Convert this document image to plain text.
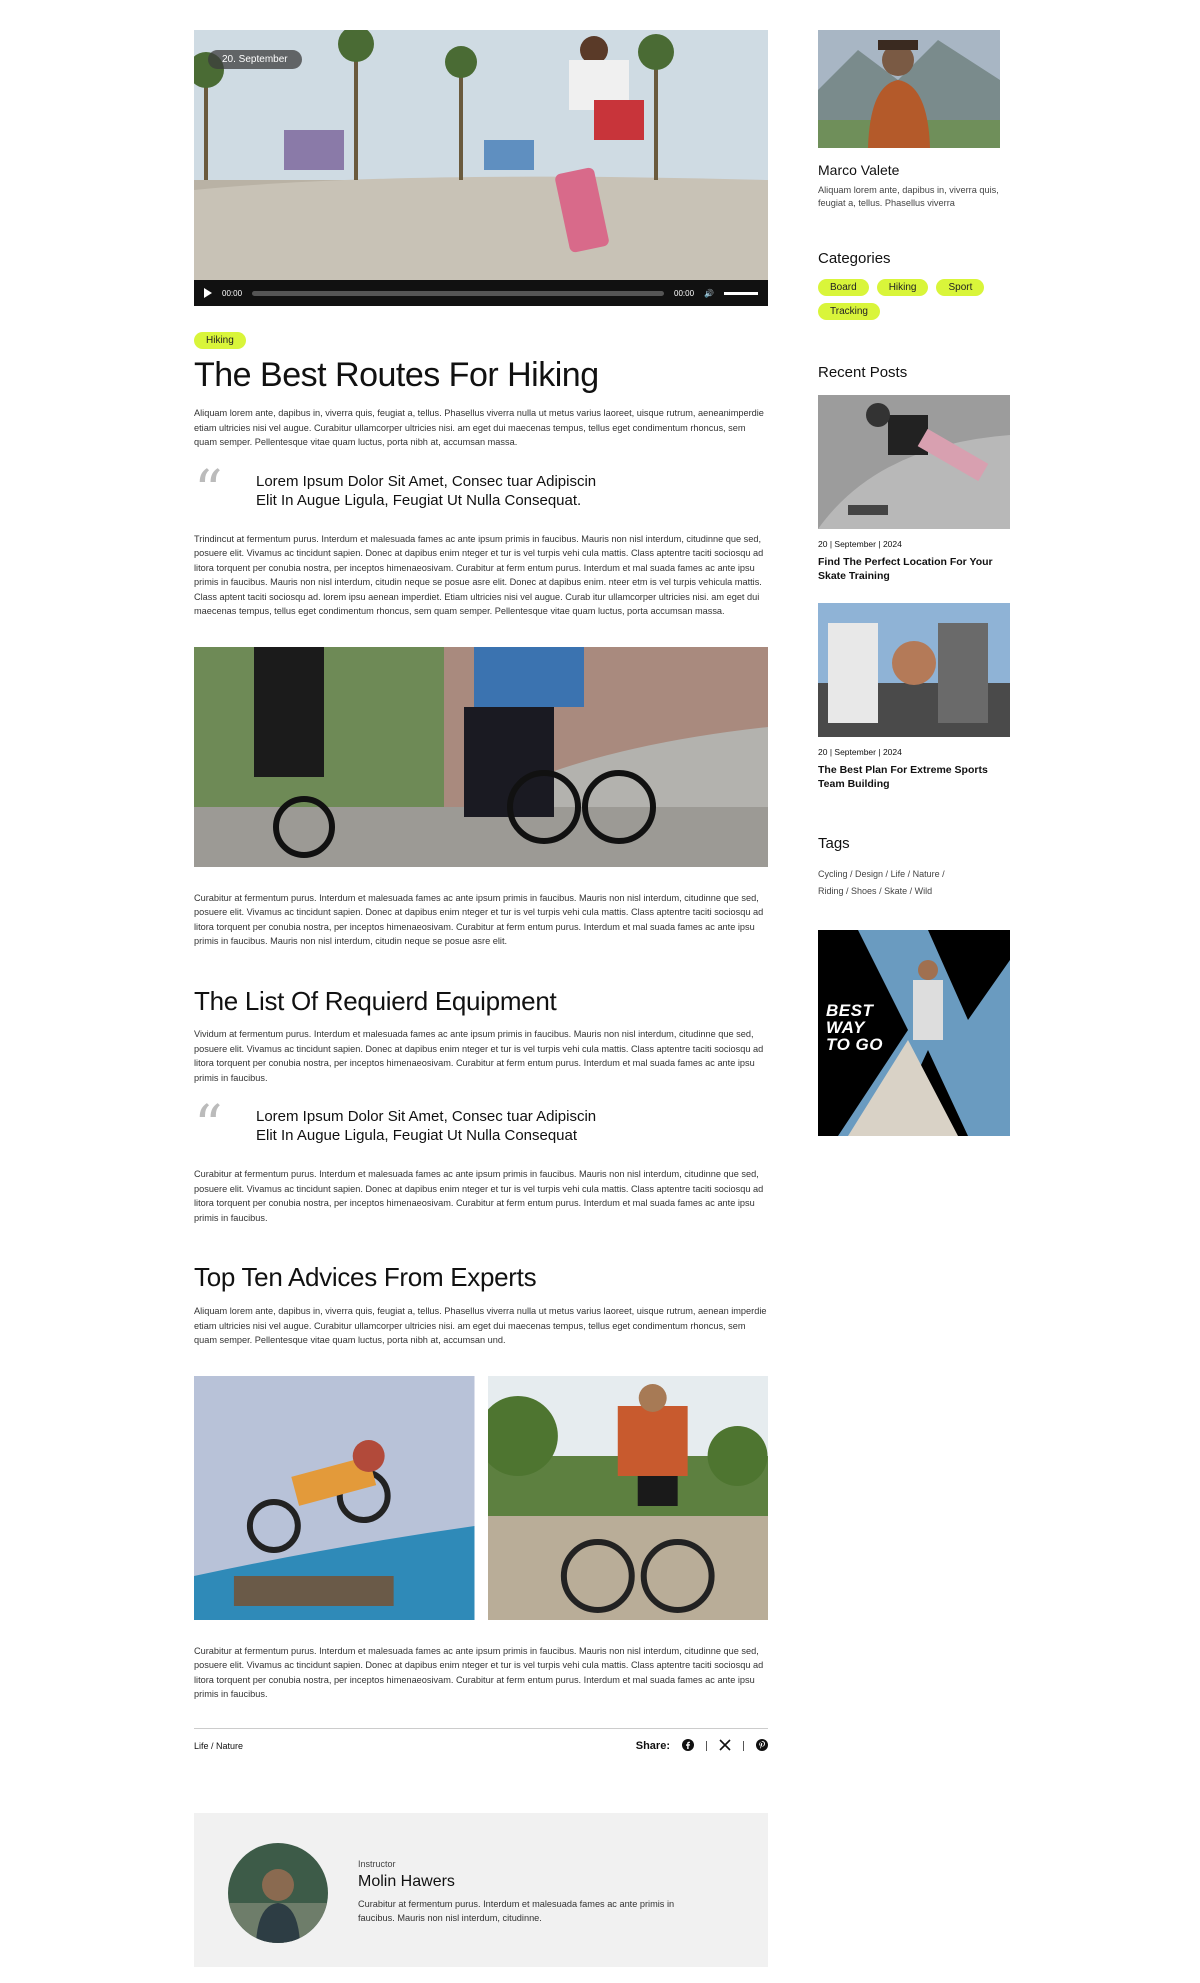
20. September
00:00	00:00 🔊
Hiking
The Best Routes For Hiking

Aliquam lorem ante, dapibus in, viverra quis, feugiat a, tellus. Phasellus viverra nulla ut metus varius laoreet, uisque rutrum, aeneanimperdie etiam ultricies nisi vel augue. Curabitur ullamcorper ultricies nisi. am eget dui maecenas tempus, tellus eget condimentum rhoncus, sem quam semper. Pellentesque vitae quam luctus, porta nibh at, accumsan massa.

“ Lorem Ipsum Dolor Sit Amet, Consec tuar Adipiscin
Elit In Augue Ligula, Feugiat Ut Nulla Consequat.

Trindincut at fermentum purus. Interdum et malesuada fames ac ante ipsum primis in faucibus. Mauris non nisl interdum, citudinne que sed, posuere elit. Vivamus ac tincidunt sapien. Donec at dapibus enim nteger et tur is vel turpis vehi cula mattis. Class aptentre taciti sociosqu ad litora torquent per conubia nostra, per inceptos himenaeosivam. Curabitur at ferm entum purus. Interdum et mal suada fames ac ante ipsu primis in faucibus. Mauris non nisl interdum, citudin neque se posue asre elit. Donec at dapibus enim. nteer etm is vel turpis vehicula mattis. Class aptent taciti sociosqu ad. lorem ipsu aenean imperdiet. Etiam ultricies nisi vel augue. Curab itur ullamcorper ultricies nisi. am eget dui maecenas tempus, tellus eget condimentum rhoncus, sem quam semper. Pellentesque vitae quam luctus, porta accumsan massa.

Curabitur at fermentum purus. Interdum et malesuada fames ac ante ipsum primis in faucibus. Mauris non nisl interdum, citudinne que sed, posuere elit. Vivamus ac tincidunt sapien. Donec at dapibus enim nteger et tur is vel turpis vehi cula mattis. Class aptentre taciti sociosqu ad litora torquent per conubia nostra, per inceptos himenaeosivam. Curabitur at ferm entum purus. Interdum et mal suada fames ac ante ipsu primis in faucibus. Mauris non nisl interdum, citudin neque se posue asre elit.

The List Of Requierd Equipment

Vividum at fermentum purus. Interdum et malesuada fames ac ante ipsum primis in faucibus. Mauris non nisl interdum, citudinne que sed, posuere elit. Vivamus ac tincidunt sapien. Donec at dapibus enim nteger et tur is vel turpis vehi cula mattis. Class aptentre taciti sociosqu ad litora torquent per conubia nostra, per inceptos himenaeosivam. Curabitur at ferm entum purus. Interdum et mal suada fames ac ante ipsu primis in faucibus.

“ Lorem Ipsum Dolor Sit Amet, Consec tuar Adipiscin
Elit In Augue Ligula, Feugiat Ut Nulla Consequat

Curabitur at fermentum purus. Interdum et malesuada fames ac ante ipsum primis in faucibus. Mauris non nisl interdum, citudinne que sed, posuere elit. Vivamus ac tincidunt sapien. Donec at dapibus enim nteger et tur is vel turpis vehi cula mattis. Class aptentre taciti sociosqu ad litora torquent per conubia nostra, per inceptos himenaeosivam. Curabitur at ferm entum purus. Interdum et mal suada fames ac ante ipsu primis in faucibus.

Top Ten Advices From Experts

Aliquam lorem ante, dapibus in, viverra quis, feugiat a, tellus. Phasellus viverra nulla ut metus varius laoreet, uisque rutrum, aenean imperdie etiam ultricies nisi vel augue. Curabitur ullamcorper ultricies nisi. am eget dui maecenas tempus, tellus eget condimentum rhoncus, sem quam semper. Pellentesque vitae quam luctus, porta nibh at, accumsan und.

Curabitur at fermentum purus. Interdum et malesuada fames ac ante ipsum primis in faucibus. Mauris non nisl interdum, citudinne que sed, posuere elit. Vivamus ac tincidunt sapien. Donec at dapibus enim nteger et tur is vel turpis vehi cula mattis. Class aptentre taciti sociosqu ad litora torquent per conubia nostra, per inceptos himenaeosivam. Curabitur at ferm entum purus. Interdum et mal suada fames ac ante ipsu primis in faucibus.

Life / Nature	Share:
Instructor
Molin Hawers
Curabitur at fermentum purus. Interdum et malesuada fames ac ante primis in faucibus. Mauris non nisl interdum, citudinne.
Marco Valete
Aliquam lorem ante, dapibus in, viverra quis, feugiat a, tellus. Phasellus viverra
Categories
Board	Hiking	Sport
Tracking
Recent Posts
20 | September | 2024
Find The Perfect Location For Your Skate Training
20 | September | 2024
The Best Plan For Extreme Sports Team Building
Tags
Cycling / Design / Life / Nature /
Riding / Shoes / Skate / Wild
BEST
WAY
TO GO
